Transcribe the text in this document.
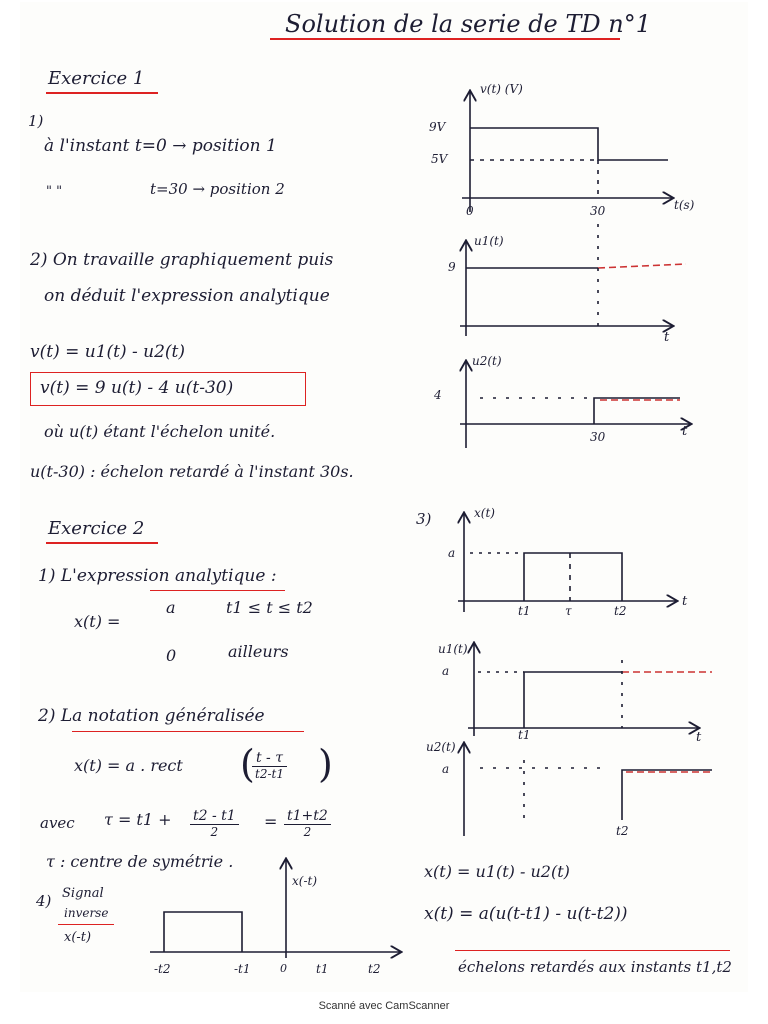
Solution de la serie de TD n°1
Exercice 1
1)
à l'instant t=0 → position 1
" "	t=30 → position 2
2) On travaille graphiquement puis
on déduit l'expression analytique
v(t) = u1(t) - u2(t)
v(t) = 9 u(t) - 4 u(t-30)
où u(t) étant l'échelon unité.
u(t-30) : échelon retardé à l'instant 30s.
Exercice 2
1) L'expression analytique :
x(t) =
a	t1 ≤ t ≤ t2
0	ailleurs
2) La notation généralisée
x(t) = a . rect (
$\frac{t - \tau}{t2-t1}$ )
avec $\tau = t1 + \frac{t2 - t1}{2} = \frac{t1+t2}{2}$
τ : centre de symétrie .
4) Signal
inverse
x(-t)
3)
x(t) = u1(t) - u2(t)
x(t) = a(u(t-t1) - u(t-t2))
échelons retardés aux instants t1,t2
v(t) (V)
9V
5V
0	30	t(s)
u1(t)
9
t
u2(t)
4
30	t
x(t)
a
t1	τ	t2
t
u1(t)
a
t1	t
u2(t)
a
t2
x(-t)
-t2	-t1	0 t1	t2
Scanné avec CamScanner
